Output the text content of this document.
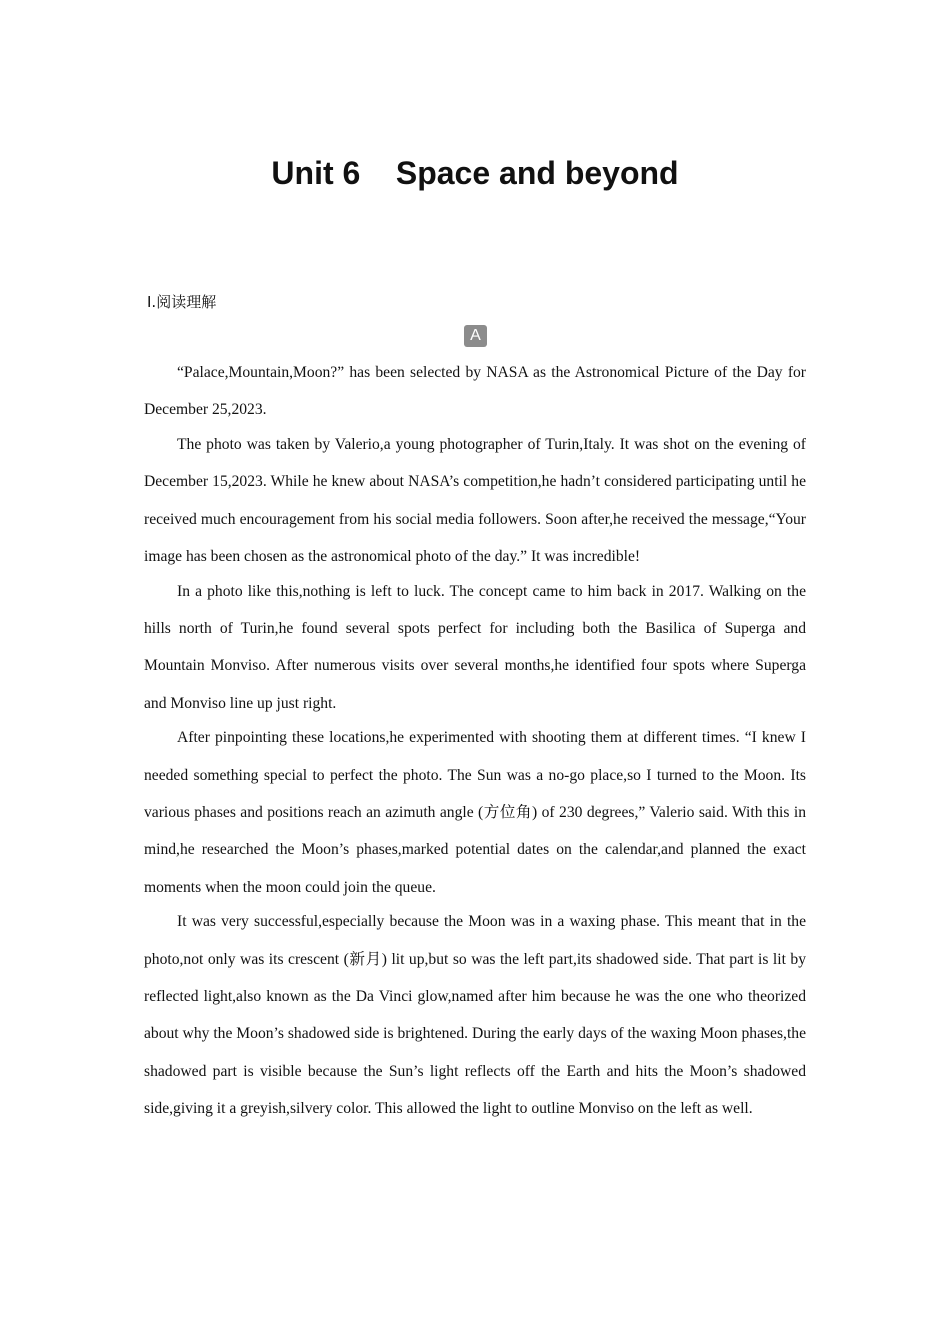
Unit 6    Space and beyond
Ⅰ.阅读理解
A

“Palace,Mountain,Moon?” has been selected by NASA as the Astronomical Picture of the Day for December 25,2023.

The photo was taken by Valerio,a young photographer of Turin,Italy. It was shot on the evening of December 15,2023. While he knew about NASA’s competition,he hadn’t considered participating until he received much encouragement from his social media followers. Soon after,he received the message,“Your image has been chosen as the astronomical photo of the day.” It was incredible!

In a photo like this,nothing is left to luck. The concept came to him back in 2017. Walking on the hills north of Turin,he found several spots perfect for including both the Basilica of Superga and Mountain Monviso. After numerous visits over several months,he identified four spots where Superga and Monviso line up just right.

After pinpointing these locations,he experimented with shooting them at different times. “I knew I needed something special to perfect the photo. The Sun was a no-go place,so I turned to the Moon. Its various phases and positions reach an azimuth angle (方位角) of 230 degrees,” Valerio said. With this in mind,he researched the Moon’s phases,marked potential dates on the calendar,and planned the exact moments when the moon could join the queue.

It was very successful,especially because the Moon was in a waxing phase. This meant that in the photo,not only was its crescent (新月) lit up,but so was the left part,its shadowed side. That part is lit by reflected light,also known as the Da Vinci glow,named after him because he was the one who theorized about why the Moon’s shadowed side is brightened. During the early days of the waxing Moon phases,the shadowed part is visible because the Sun’s light reflects off the Earth and hits the Moon’s shadowed side,giving it a greyish,silvery color. This allowed the light to outline Monviso on the left as well.
